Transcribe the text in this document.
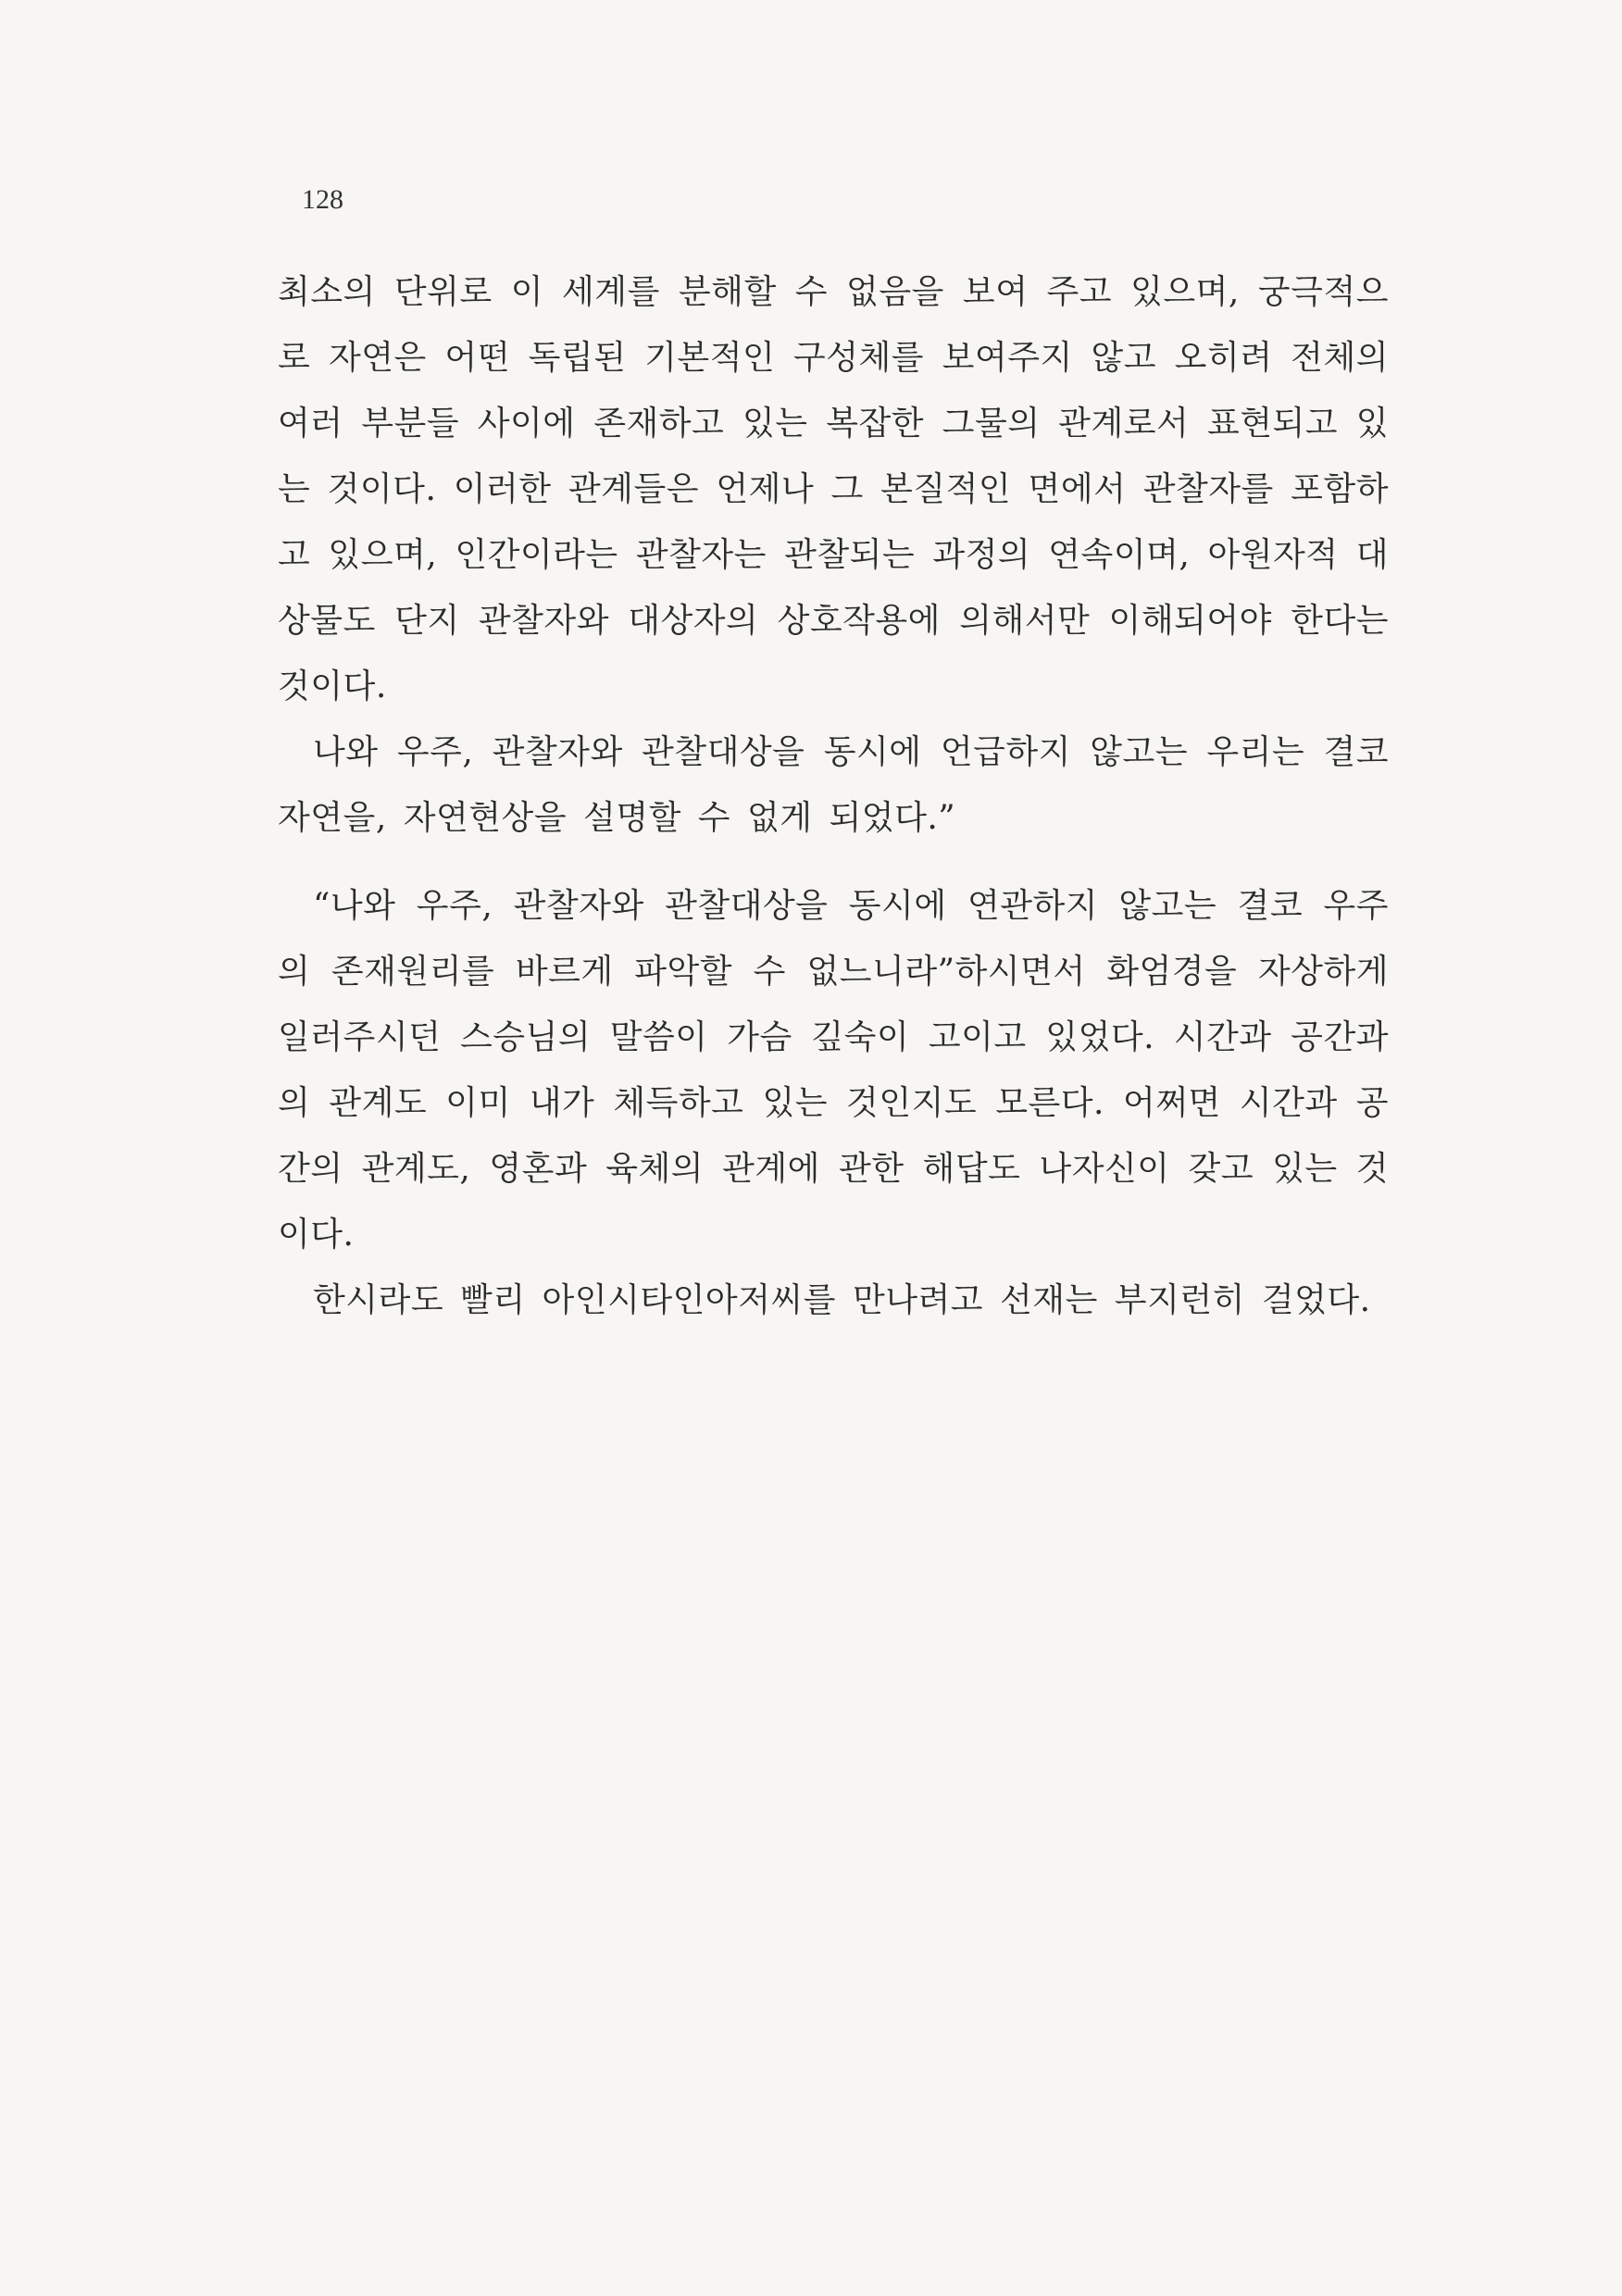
128

최소의 단위로 이 세계를 분해할 수 없음을 보여 주고 있으며, 궁극적으로 자연은 어떤 독립된 기본적인 구성체를 보여주지 않고 오히려 전체의 여러 부분들 사이에 존재하고 있는 복잡한 그물의 관계로서 표현되고 있는 것이다. 이러한 관계들은 언제나 그 본질적인 면에서 관찰자를 포함하고 있으며, 인간이라는 관찰자는 관찰되는 과정의 연속이며, 아원자적 대상물도 단지 관찰자와 대상자의 상호작용에 의해서만 이해되어야 한다는 것이다.

나와 우주, 관찰자와 관찰대상을 동시에 언급하지 않고는 우리는 결코 자연을, 자연현상을 설명할 수 없게 되었다.”

“나와 우주, 관찰자와 관찰대상을 동시에 연관하지 않고는 결코 우주의 존재원리를 바르게 파악할 수 없느니라”하시면서 화엄경을 자상하게 일러주시던 스승님의 말씀이 가슴 깊숙이 고이고 있었다. 시간과 공간과의 관계도 이미 내가 체득하고 있는 것인지도 모른다. 어쩌면 시간과 공간의 관계도, 영혼과 육체의 관계에 관한 해답도 나자신이 갖고 있는 것이다.

한시라도 빨리 아인시타인아저씨를 만나려고 선재는 부지런히 걸었다.
